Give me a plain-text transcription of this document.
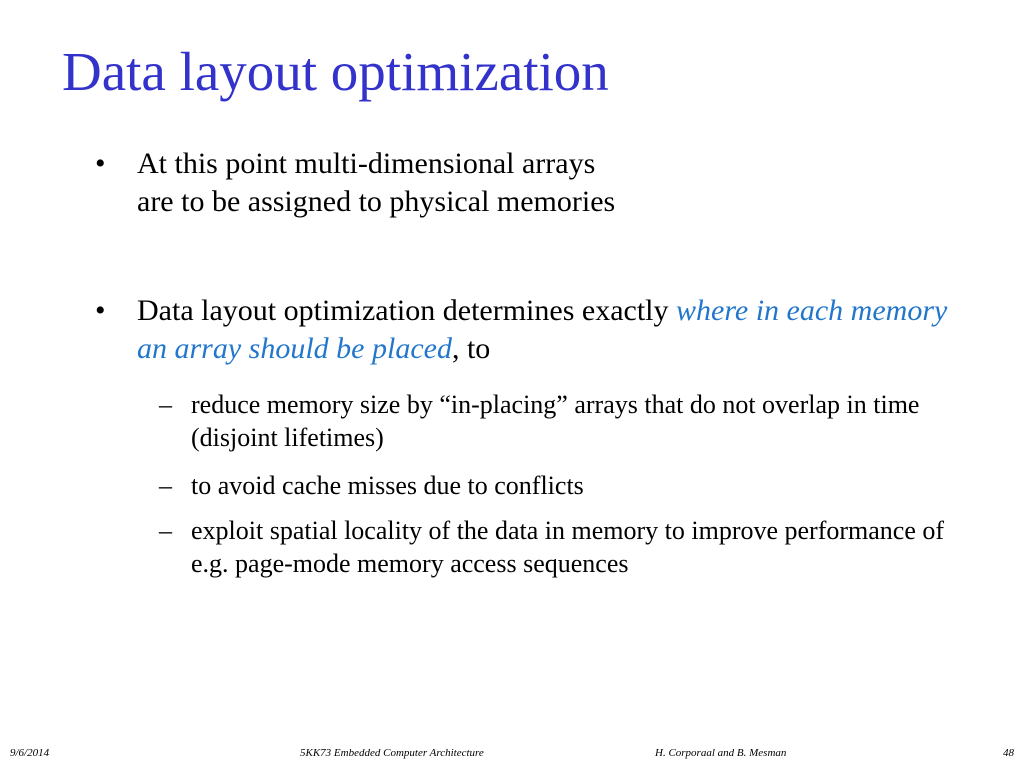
Data layout optimization
• At this point multi-dimensional arrays
are to be assigned to physical memories
• Data layout optimization determines exactly where in each memory an array should be placed, to
– reduce memory size by “in-placing” arrays that do not overlap in time (disjoint lifetimes)
– to avoid cache misses due to conflicts
– exploit spatial locality of the data in memory to improve performance of e.g. page-mode memory access sequences
9/6/2014	5KK73 Embedded Computer Architecture	H. Corporaal and B. Mesman	48
